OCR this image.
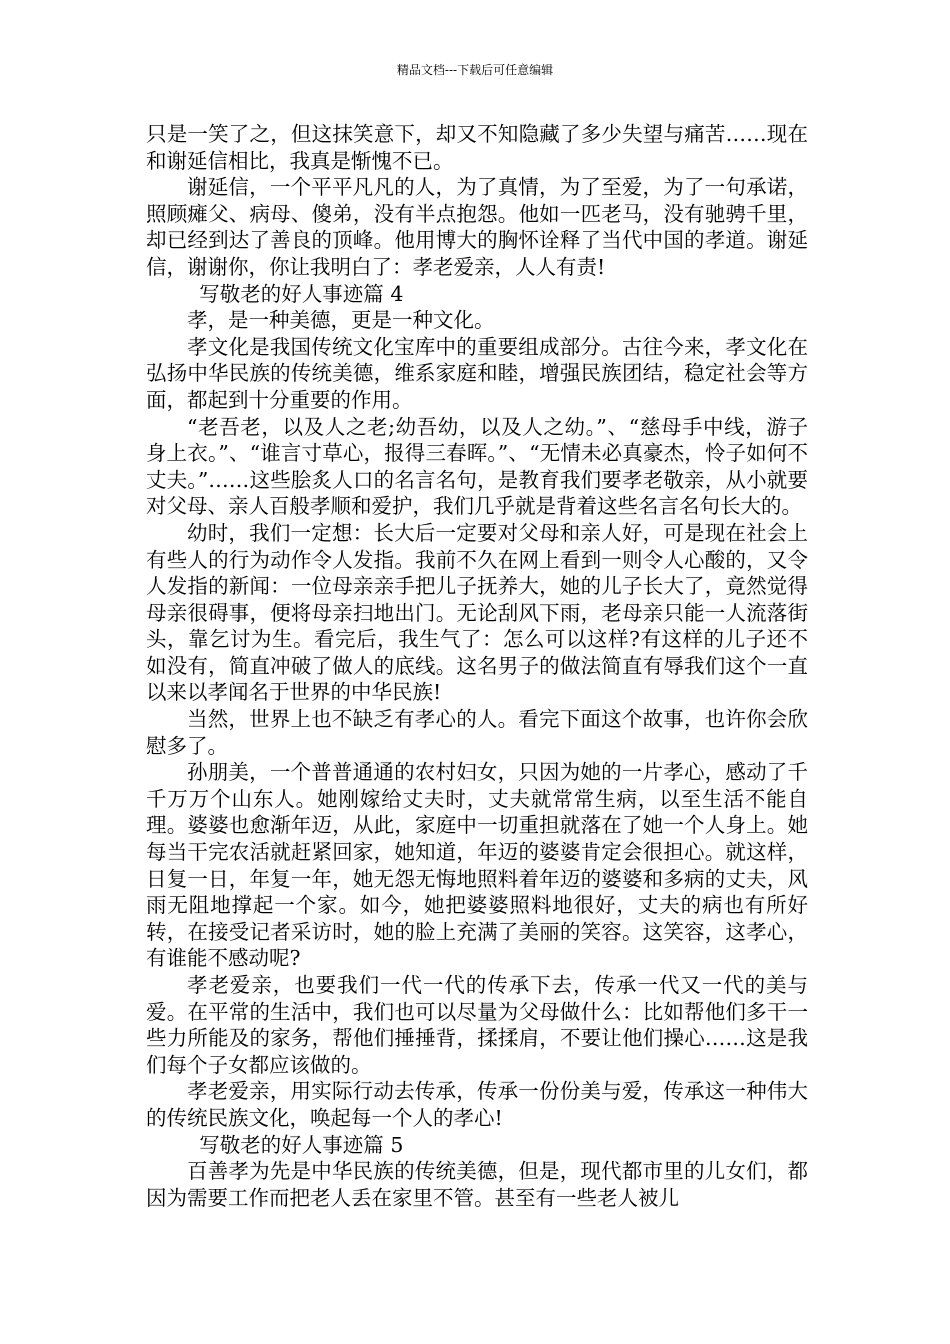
精品文档---下载后可任意编辑

只是一笑了之，但这抹笑意下，却又不知隐藏了多少失望与痛苦……现在和谢延信相比，我真是惭愧不已。

谢延信，一个平平凡凡的人，为了真情，为了至爱，为了一句承诺，照顾瘫父、病母、傻弟，没有半点抱怨。他如一匹老马，没有驰骋千里，却已经到达了善良的顶峰。他用博大的胸怀诠释了当代中国的孝道。谢延信，谢谢你，你让我明白了：孝老爱亲，人人有责!

写敬老的好人事迹篇 4

孝，是一种美德，更是一种文化。

孝文化是我国传统文化宝库中的重要组成部分。古往今来，孝文化在弘扬中华民族的传统美德，维系家庭和睦，增强民族团结，稳定社会等方面，都起到十分重要的作用。

“老吾老，以及人之老;幼吾幼，以及人之幼。”、“慈母手中线，游子身上衣。”、“谁言寸草心，报得三春晖。”、“无情未必真豪杰，怜子如何不丈夫。”……这些脍炙人口的名言名句，是教育我们要孝老敬亲，从小就要对父母、亲人百般孝顺和爱护，我们几乎就是背着这些名言名句长大的。

幼时，我们一定想：长大后一定要对父母和亲人好，可是现在社会上有些人的行为动作令人发指。我前不久在网上看到一则令人心酸的，又令人发指的新闻：一位母亲亲手把儿子抚养大，她的儿子长大了，竟然觉得母亲很碍事，便将母亲扫地出门。无论刮风下雨，老母亲只能一人流落街头，靠乞讨为生。看完后，我生气了：怎么可以这样?有这样的儿子还不如没有，简直冲破了做人的底线。这名男子的做法简直有辱我们这个一直以来以孝闻名于世界的中华民族!

当然，世界上也不缺乏有孝心的人。看完下面这个故事，也许你会欣慰多了。

孙朋美，一个普普通通的农村妇女，只因为她的一片孝心，感动了千千万万个山东人。她刚嫁给丈夫时，丈夫就常常生病，以至生活不能自理。婆婆也愈渐年迈，从此，家庭中一切重担就落在了她一个人身上。她每当干完农活就赶紧回家，她知道，年迈的婆婆肯定会很担心。就这样，日复一日，年复一年，她无怨无悔地照料着年迈的婆婆和多病的丈夫，风雨无阻地撑起一个家。如今，她把婆婆照料地很好，丈夫的病也有所好转，在接受记者采访时，她的脸上充满了美丽的笑容。这笑容，这孝心，有谁能不感动呢?

孝老爱亲，也要我们一代一代的传承下去，传承一代又一代的美与爱。在平常的生活中，我们也可以尽量为父母做什么：比如帮他们多干一些力所能及的家务，帮他们捶捶背，揉揉肩，不要让他们操心……这是我们每个子女都应该做的。

孝老爱亲，用实际行动去传承，传承一份份美与爱，传承这一种伟大的传统民族文化，唤起每一个人的孝心!

写敬老的好人事迹篇 5

百善孝为先是中华民族的传统美德，但是，现代都市里的儿女们，都因为需要工作而把老人丢在家里不管。甚至有一些老人被儿
